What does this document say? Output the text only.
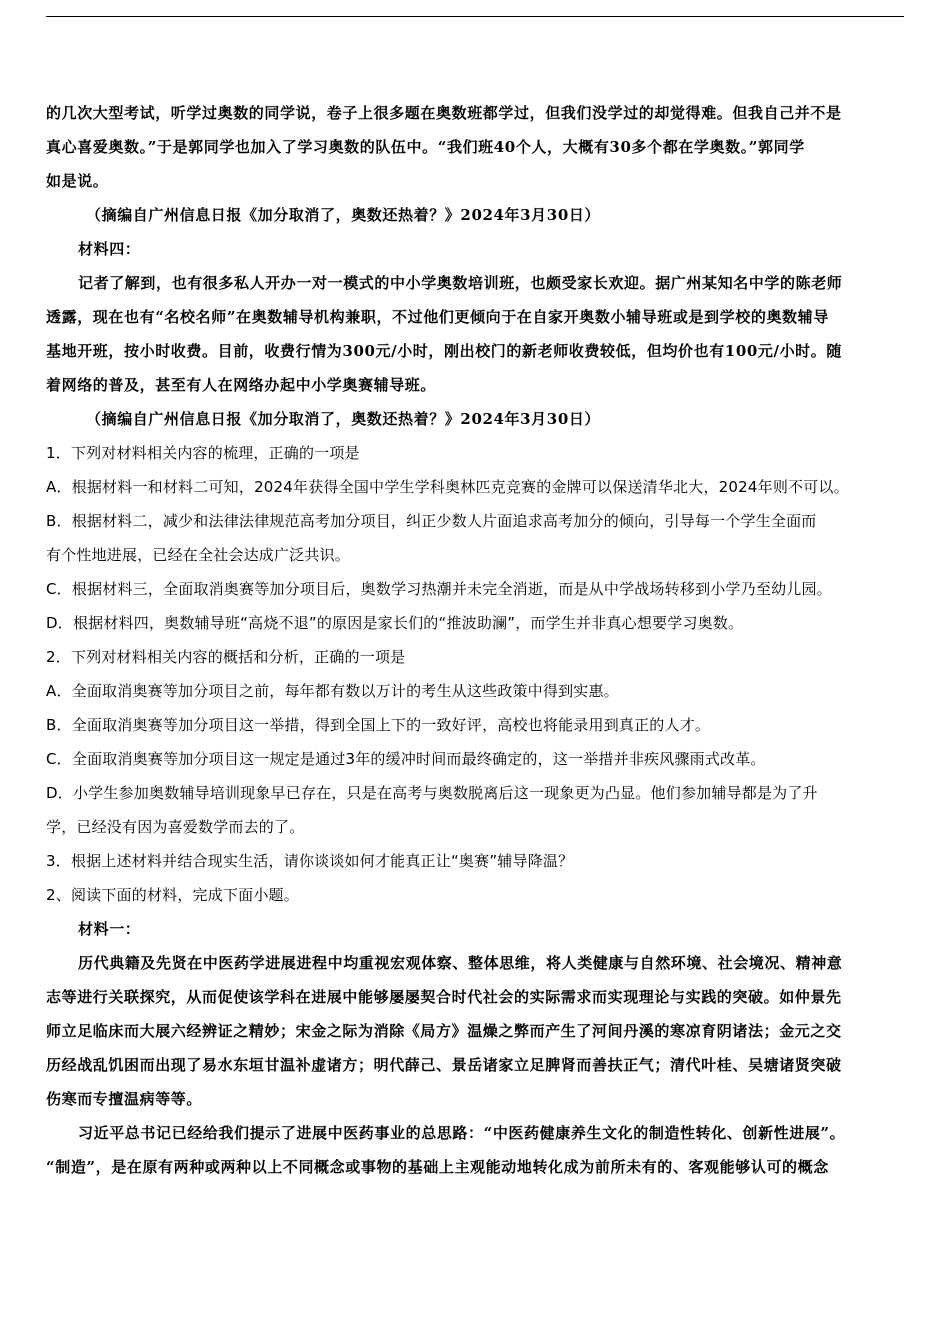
的几次大型考试，听学过奥数的同学说，卷子上很多题在奥数班都学过，但我们没学过的却觉得难。但我自己并不是
真心喜爱奥数。”于是郭同学也加入了学习奥数的队伍中。“我们班40个人，大概有30多个都在学奥数。”郭同学
如是说。
（摘编自广州信息日报《加分取消了，奥数还热着？》2024年3月30日）
材料四：
记者了解到，也有很多私人开办一对一模式的中小学奥数培训班，也颇受家长欢迎。据广州某知名中学的陈老师
透露，现在也有“名校名师”在奥数辅导机构兼职，不过他们更倾向于在自家开奥数小辅导班或是到学校的奥数辅导
基地开班，按小时收费。目前，收费行情为300元/小时，刚出校门的新老师收费较低，但均价也有100元/小时。随
着网络的普及，甚至有人在网络办起中小学奥赛辅导班。
（摘编自广州信息日报《加分取消了，奥数还热着？》2024年3月30日）
1．下列对材料相关内容的梳理，正确的一项是
A．根据材料一和材料二可知，2024年获得全国中学生学科奥林匹克竞赛的金牌可以保送清华北大，2024年则不可以。
B．根据材料二，减少和法律法律规范高考加分项目，纠正少数人片面追求高考加分的倾向，引导每一个学生全面而
有个性地进展，已经在全社会达成广泛共识。
C．根据材料三，全面取消奥赛等加分项目后，奥数学习热潮并未完全消逝，而是从中学战场转移到小学乃至幼儿园。
D．根据材料四，奥数辅导班“高烧不退”的原因是家长们的“推波助澜”，而学生并非真心想要学习奥数。
2．下列对材料相关内容的概括和分析，正确的一项是
A．全面取消奥赛等加分项目之前，每年都有数以万计的考生从这些政策中得到实惠。
B．全面取消奥赛等加分项目这一举措，得到全国上下的一致好评，高校也将能录用到真正的人才。
C．全面取消奥赛等加分项目这一规定是通过3年的缓冲时间而最终确定的，这一举措并非疾风骤雨式改革。
D．小学生参加奥数辅导培训现象早已存在，只是在高考与奥数脱离后这一现象更为凸显。他们参加辅导都是为了升
学，已经没有因为喜爱数学而去的了。
3．根据上述材料并结合现实生活，请你谈谈如何才能真正让“奥赛”辅导降温？
2、阅读下面的材料，完成下面小题。
材料一：
历代典籍及先贤在中医药学进展进程中均重视宏观体察、整体思维，将人类健康与自然环境、社会境况、精神意
志等进行关联探究，从而促使该学科在进展中能够屡屡契合时代社会的实际需求而实现理论与实践的突破。如仲景先
师立足临床而大展六经辨证之精妙；宋金之际为消除《局方》温燥之弊而产生了河间丹溪的寒凉育阴诸法；金元之交
历经战乱饥困而出现了易水东垣甘温补虚诸方；明代薛己、景岳诸家立足脾肾而善扶正气；清代叶桂、吴塘诸贤突破
伤寒而专擅温病等等。
习近平总书记已经给我们提示了进展中医药事业的总思路：“中医药健康养生文化的制造性转化、创新性进展”。
“制造”，是在原有两种或两种以上不同概念或事物的基础上主观能动地转化成为前所未有的、客观能够认可的概念
